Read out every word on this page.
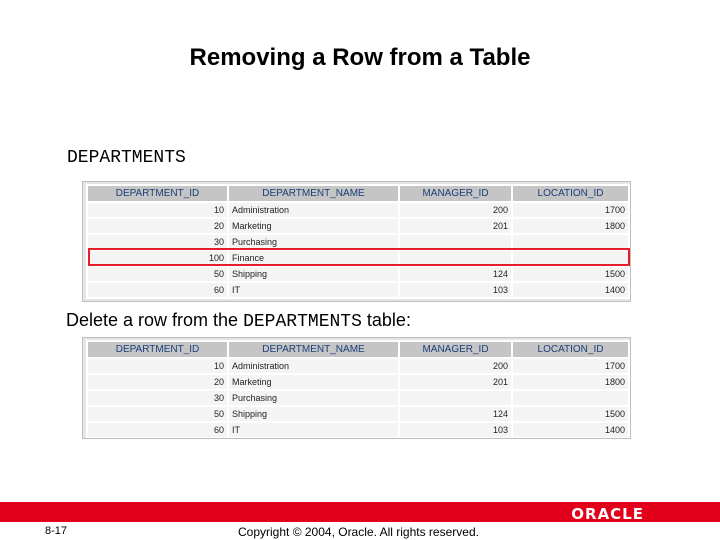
Removing a Row from a Table
DEPARTMENTS
DEPARTMENT_ID	DEPARTMENT_NAME	MANAGER_ID	LOCATION_ID
10	Administration	200	1700
20	Marketing	201	1800
30	Purchasing		
100	Finance		
50	Shipping	124	1500
60	IT	103	1400
Delete a row from the DEPARTMENTS table:
DEPARTMENT_ID	DEPARTMENT_NAME	MANAGER_ID	LOCATION_ID
10	Administration	200	1700
20	Marketing	201	1800
30	Purchasing		
50	Shipping	124	1500
60	IT	103	1400
ORACLE
8-17	Copyright © 2004, Oracle. All rights reserved.
